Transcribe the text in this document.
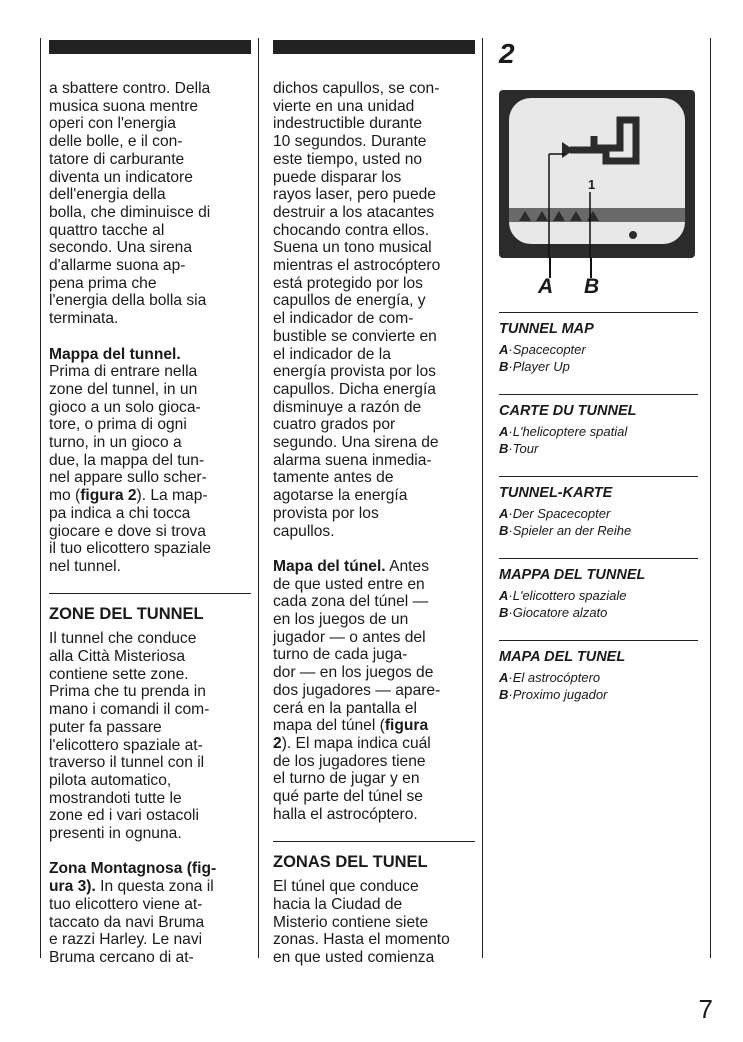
a sbattere contro. Della
musica suona mentre
operi con l'energia
delle bolle, e il con-
tatore di carburante
diventa un indicatore
dell'energia della
bolla, che diminuisce di
quattro tacche al
secondo. Una sirena
d'allarme suona ap-
pena prima che
l'energia della bolla sia
terminata.

Mappa del tunnel.
Prima di entrare nella
zone del tunnel, in un
gioco a un solo gioca-
tore, o prima di ogni
turno, in un gioco a
due, la mappa del tun-
nel appare sullo scher-
mo (figura 2). La map-
pa indica a chi tocca
giocare e dove si trova
il tuo elicottero spaziale
nel tunnel.

ZONE DEL TUNNEL

Il tunnel che conduce
alla Città Misteriosa
contiene sette zone.
Prima che tu prenda in
mano i comandi il com-
puter fa passare
l'elicottero spaziale at-
traverso il tunnel con il
pilota automatico,
mostrandoti tutte le
zone ed i vari ostacoli
presenti in ognuna.

Zona Montagnosa (fig-
ura 3). In questa zona il
tuo elicottero viene at-
taccato da navi Bruma
e razzi Harley. Le navi
Bruma cercano di at-

dichos capullos, se con-
vierte en una unidad
indestructible durante
10 segundos. Durante
este tiempo, usted no
puede disparar los
rayos laser, pero puede
destruir a los atacantes
chocando contra ellos.
Suena un tono musical
mientras el astrocóptero
está protegido por los
capullos de energía, y
el indicador de com-
bustible se convierte en
el indicador de la
energía provista por los
capullos. Dicha energía
disminuye a razón de
cuatro grados por
segundo. Una sirena de
alarma suena inmedia-
tamente antes de
agotarse la energía
provista por los
capullos.

Mapa del túnel. Antes
de que usted entre en
cada zona del túnel —
en los juegos de un
jugador — o antes del
turno de cada juga-
dor — en los juegos de
dos jugadores — apare-
cerá en la pantalla el
mapa del túnel (figura
2). El mapa indica cuál
de los jugadores tiene
el turno de jugar y en
qué parte del túnel se
halla el astrocóptero.

ZONAS DEL TUNEL

El túnel que conduce
hacia la Ciudad de
Misterio contiene siete
zonas. Hasta el momento
en que usted comienza

2
1
A B
TUNNEL MAP

A·Spacecopter

B·Player Up

CARTE DU TUNNEL

A·L'helicoptere spatial

B·Tour

TUNNEL-KARTE

A·Der Spacecopter

B·Spieler an der Reihe

MAPPA DEL TUNNEL

A·L'elicottero spaziale

B·Giocatore alzato

MAPA DEL TUNEL

A·El astrocóptero

B·Proximo jugador

7
